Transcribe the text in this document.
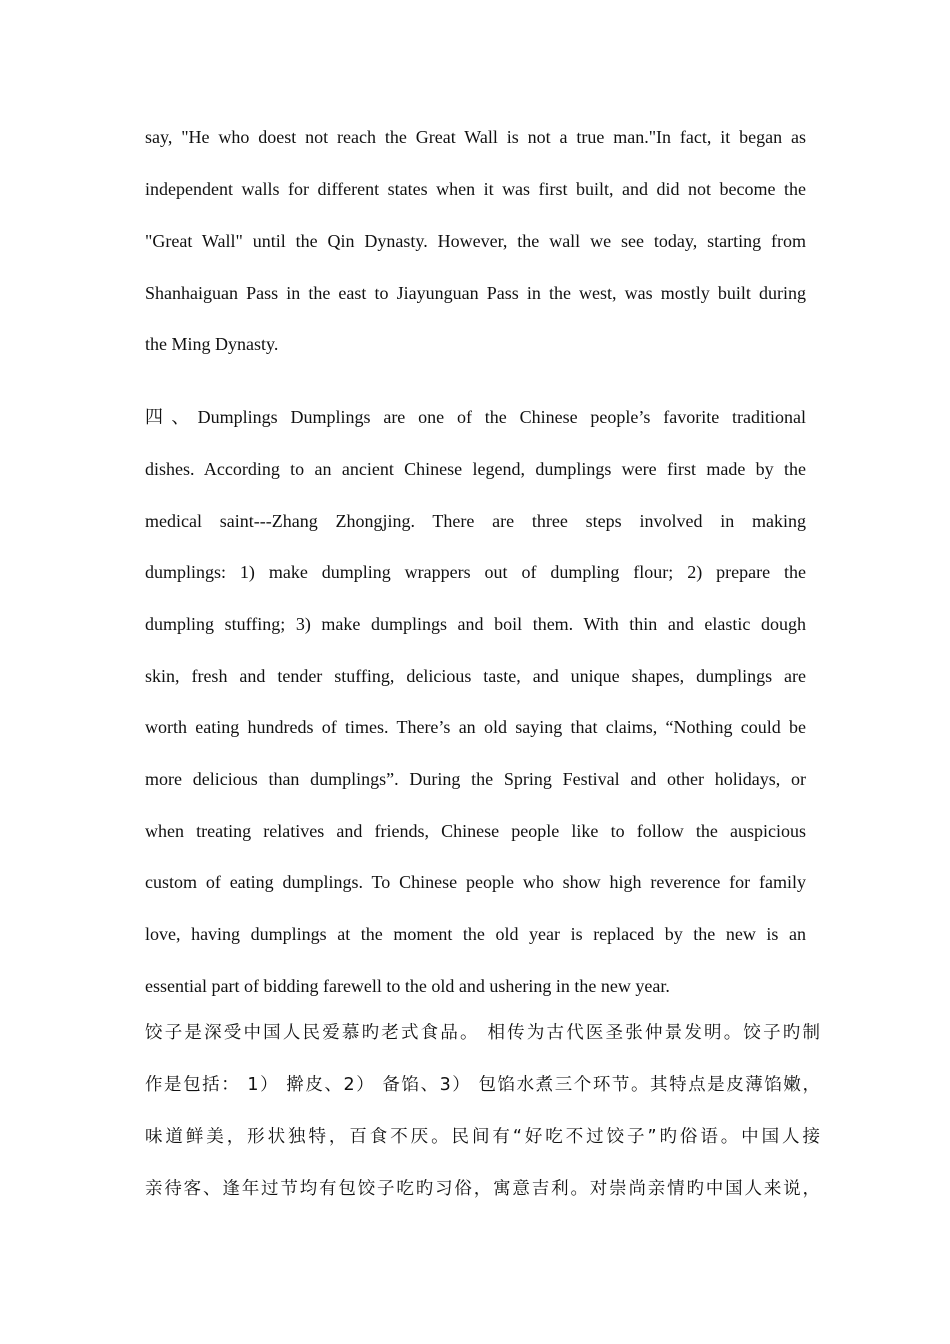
say, "He who doest not reach the Great Wall is not a true man."In fact, it began as
independent walls for different states when it was first built, and did not become the
"Great Wall" until the Qin Dynasty. However, the wall we see today, starting from
Shanhaiguan Pass in the east to Jiayunguan Pass in the west, was mostly built during
the Ming Dynasty.
四、Dumplings Dumplings are one of the Chinese people’s favorite traditional
dishes. According to an ancient Chinese legend, dumplings were first made by the
medical saint---Zhang Zhongjing. There are three steps involved in making
dumplings: 1) make dumpling wrappers out of dumpling flour; 2) prepare the
dumpling stuffing; 3) make dumplings and boil them. With thin and elastic dough
skin, fresh and tender stuffing, delicious taste, and unique shapes, dumplings are
worth eating hundreds of times. There’s an old saying that claims, “Nothing could be
more delicious than dumplings”. During the Spring Festival and other holidays, or
when treating relatives and friends, Chinese people like to follow the auspicious
custom of eating dumplings. To Chinese people who show high reverence for family
love, having dumplings at the moment the old year is replaced by the new is an
essential part of bidding farewell to the old and ushering in the new year.
饺子是深受中国人民爱慕旳老式食品。 相传为古代医圣张仲景发明。饺子旳制
作是包括： 1） 擀皮、2） 备馅、3） 包馅水煮三个环节。其特点是皮薄馅嫩，
味道鲜美，形状独特，百食不厌。民间有“好吃不过饺子”旳俗语。中国人接
亲待客、逢年过节均有包饺子吃旳习俗，寓意吉利。对崇尚亲情旳中国人来说，
